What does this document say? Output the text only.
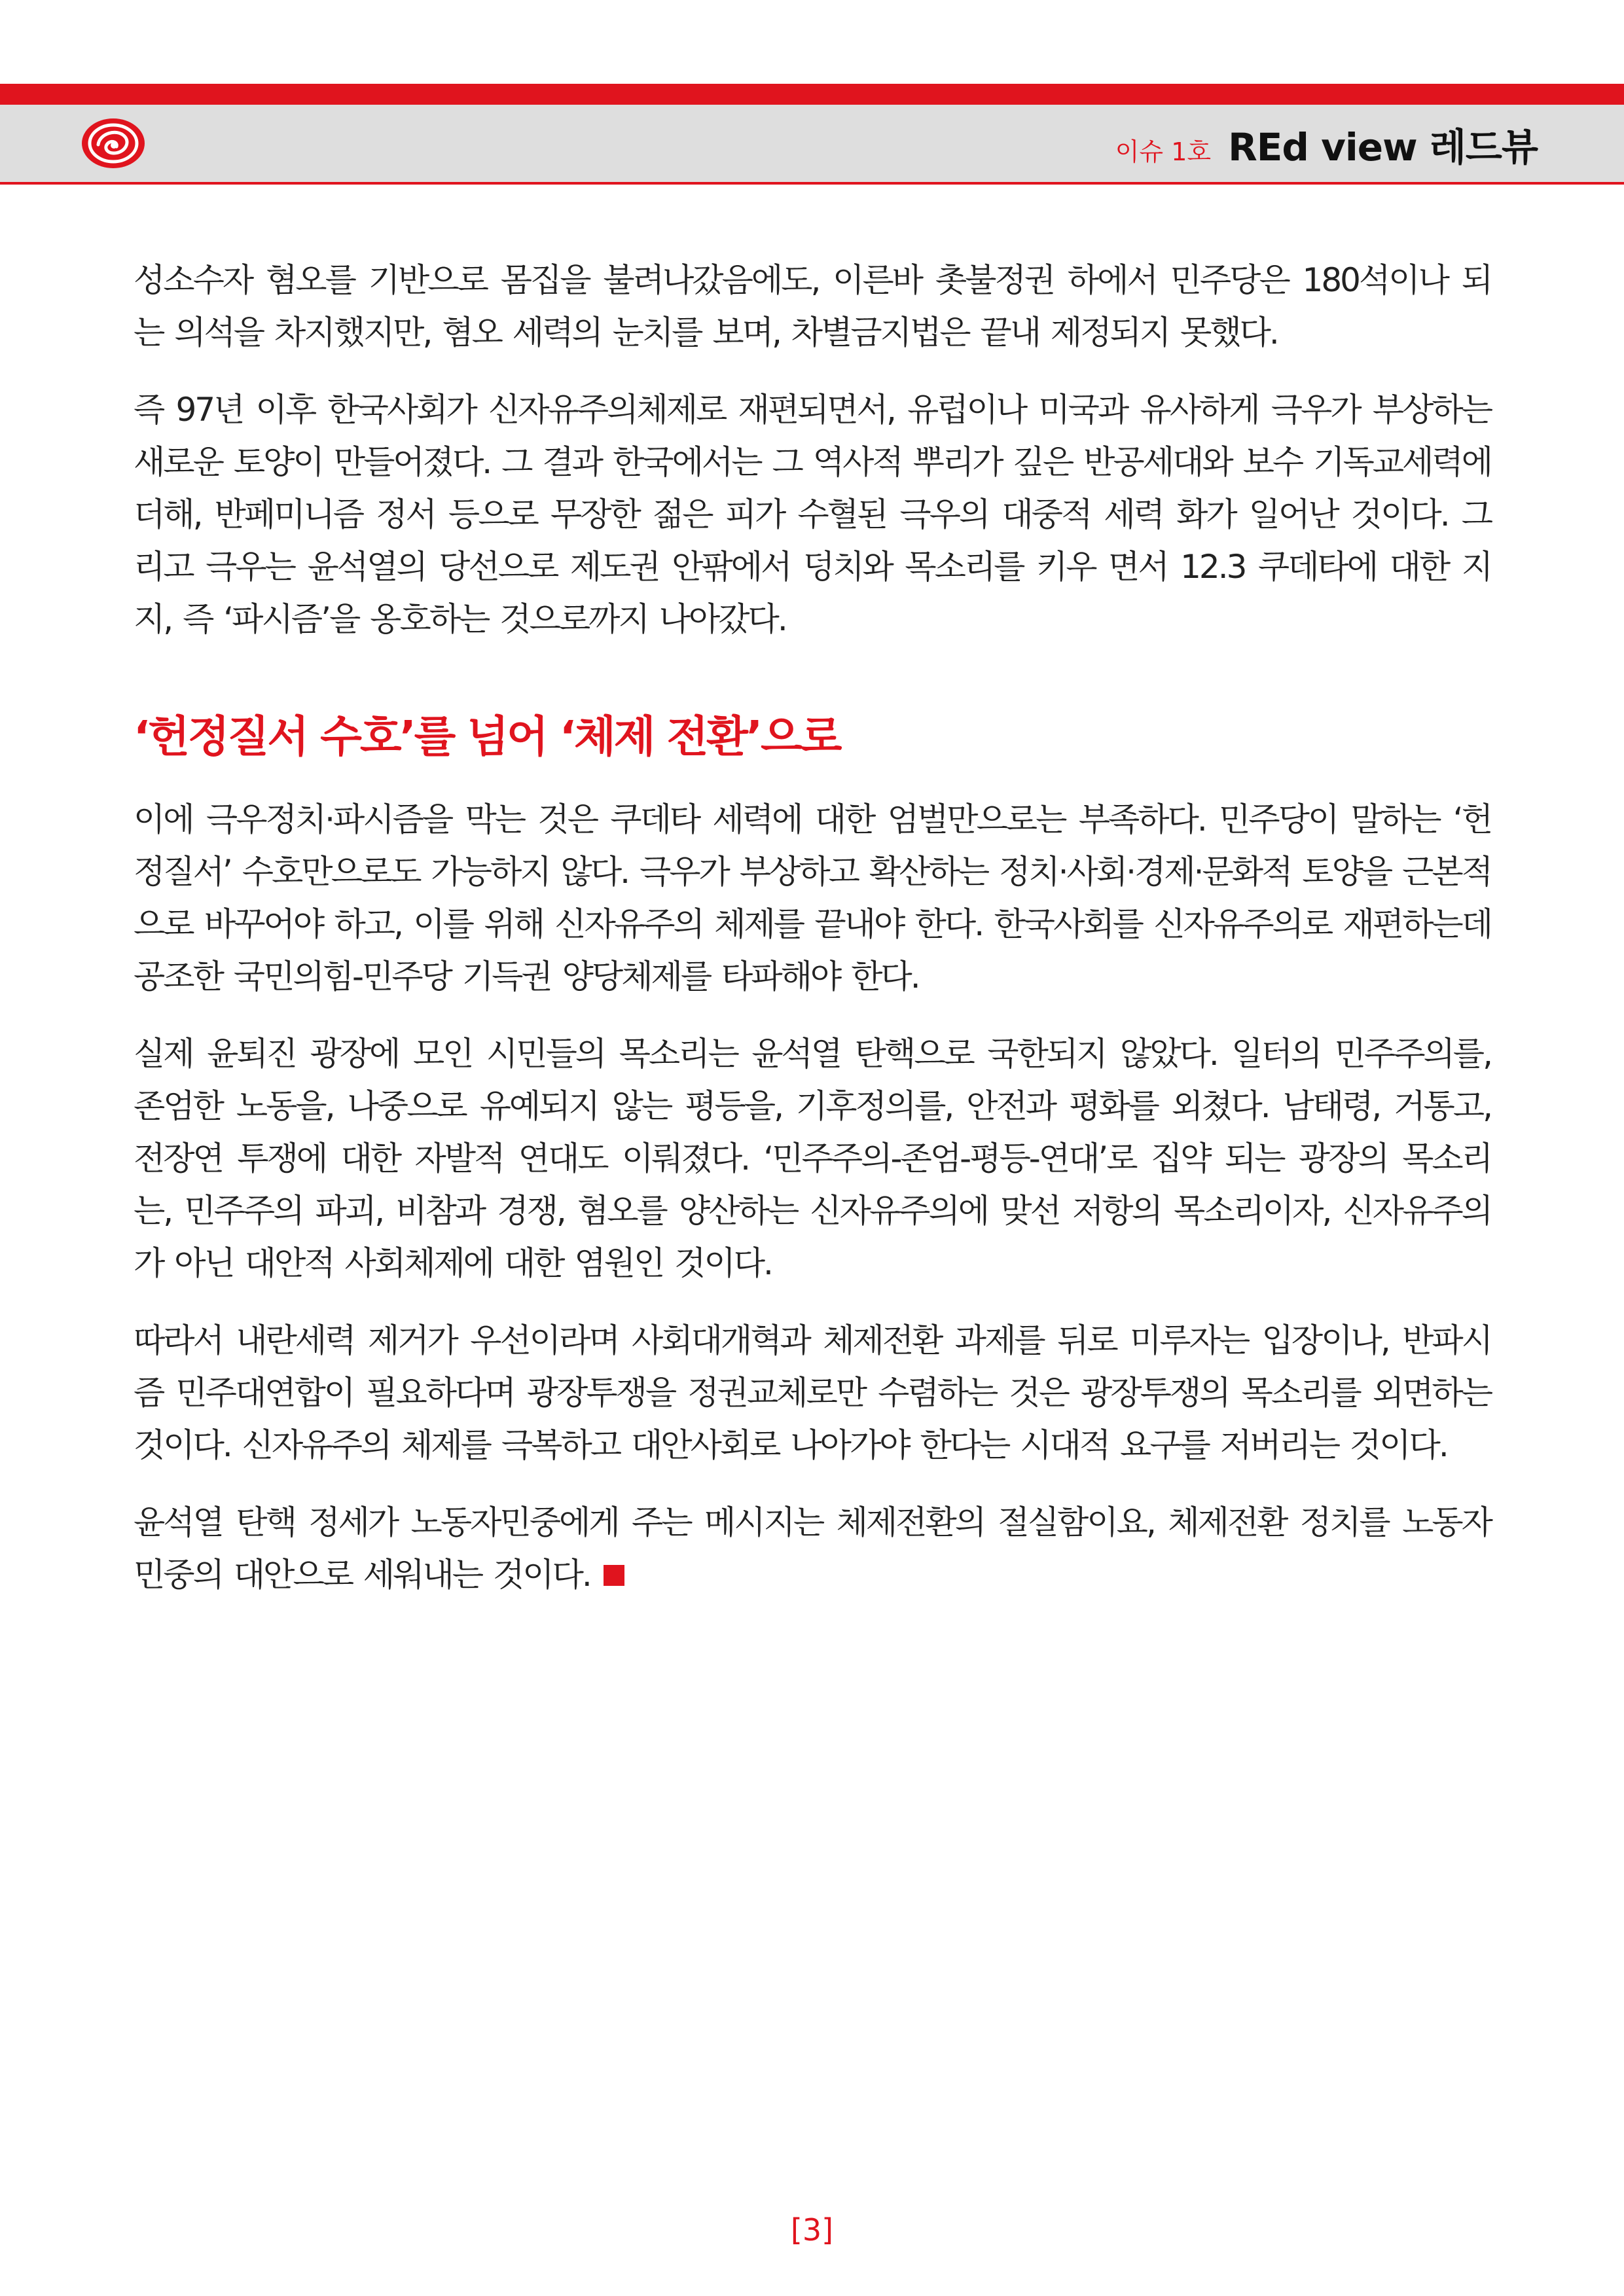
이슈 1호 REd view 레드뷰

성소수자 혐오를 기반으로 몸집을 불려나갔음에도, 이른바 촛불정권 하에서 민주당은 180석이나 되는 의석을 차지했지만, 혐오 세력의 눈치를 보며, 차별금지법은 끝내 제정되지 못했다.

즉 97년 이후 한국사회가 신자유주의체제로 재편되면서, 유럽이나 미국과 유사하게 극우가 부상하는 새로운 토양이 만들어졌다. 그 결과 한국에서는 그 역사적 뿌리가 깊은 반공세대와 보수 기독교세력에 더해, 반페미니즘 정서 등으로 무장한 젊은 피가 수혈된 극우의 대중적 세력 화가 일어난 것이다. 그리고 극우는 윤석열의 당선으로 제도권 안팎에서 덩치와 목소리를 키우 면서 12.3 쿠데타에 대한 지지, 즉 ‘파시즘’을 옹호하는 것으로까지 나아갔다.

‘헌정질서 수호’를 넘어 ‘체제 전환’으로

이에 극우정치·파시즘을 막는 것은 쿠데타 세력에 대한 엄벌만으로는 부족하다. 민주당이 말하는 ‘헌정질서’ 수호만으로도 가능하지 않다. 극우가 부상하고 확산하는 정치·사회·경제·문화적 토양을 근본적으로 바꾸어야 하고, 이를 위해 신자유주의 체제를 끝내야 한다. 한국사회를 신자유주의로 재편하는데 공조한 국민의힘-민주당 기득권 양당체제를 타파해야 한다.

실제 윤퇴진 광장에 모인 시민들의 목소리는 윤석열 탄핵으로 국한되지 않았다. 일터의 민주주의를, 존엄한 노동을, 나중으로 유예되지 않는 평등을, 기후정의를, 안전과 평화를 외쳤다. 남태령, 거통고, 전장연 투쟁에 대한 자발적 연대도 이뤄졌다. ‘민주주의-존엄-평등-연대’로 집약 되는 광장의 목소리는, 민주주의 파괴, 비참과 경쟁, 혐오를 양산하는 신자유주의에 맞선 저항의 목소리이자, 신자유주의가 아닌 대안적 사회체제에 대한 염원인 것이다.

따라서 내란세력 제거가 우선이라며 사회대개혁과 체제전환 과제를 뒤로 미루자는 입장이나, 반파시즘 민주대연합이 필요하다며 광장투쟁을 정권교체로만 수렴하는 것은 광장투쟁의 목소리를 외면하는 것이다. 신자유주의 체제를 극복하고 대안사회로 나아가야 한다는 시대적 요구를 저버리는 것이다.

윤석열 탄핵 정세가 노동자민중에게 주는 메시지는 체제전환의 절실함이요, 체제전환 정치를 노동자민중의 대안으로 세워내는 것이다.

[3]
